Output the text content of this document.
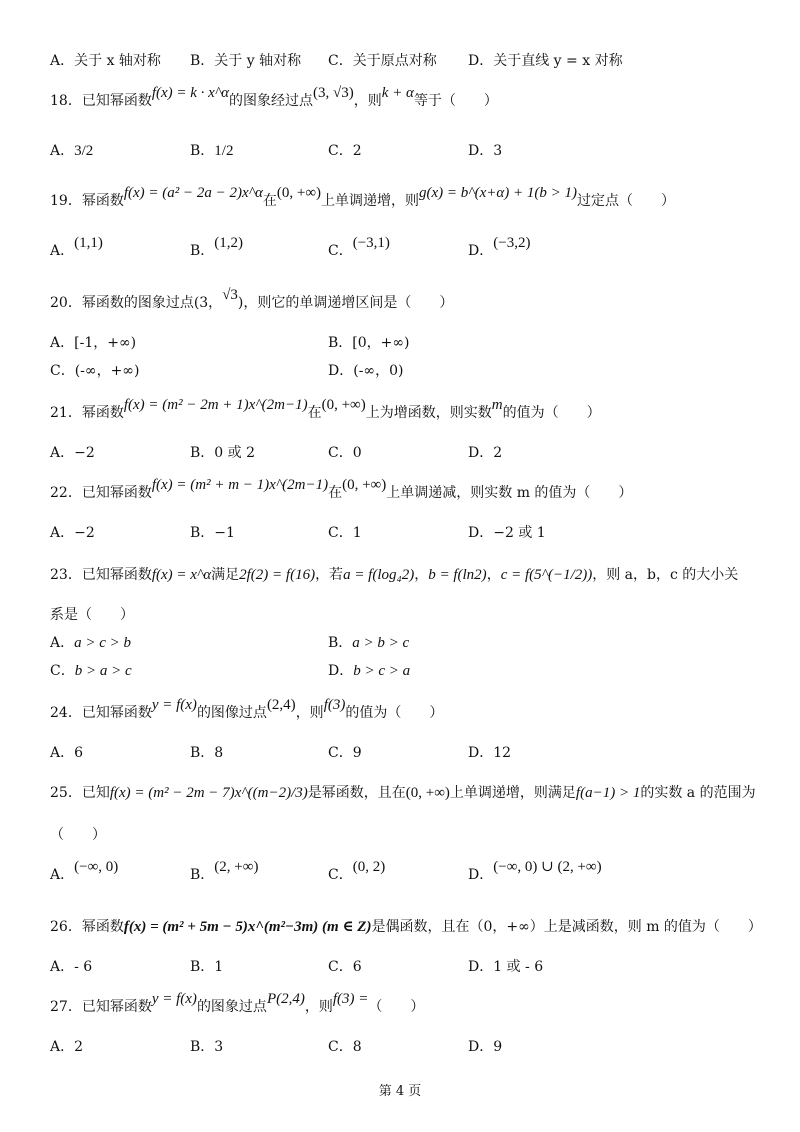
A．关于 x 轴对称 B．关于 y 轴对称 C．关于原点对称 D．关于直线 y = x 对称
18．已知幂函数f(x) = k · x^α的图象经过点(3, √3)，则k + α等于（　　）
A．3/2	B．1/2	C．2	D．3
19．幂函数f(x) = (a² − 2a − 2)x^α在(0, +∞)上单调递增，则g(x) = b^(x+α) + 1(b > 1)过定点（　　）
A．(1,1)	B．(1,2)	C．(−3,1)	D．(−3,2)
20．幂函数的图象过点(3，√3)，则它的单调递增区间是（　　）
A．[-1，+∞)	B．[0，+∞)
C．(-∞，+∞)	D．(-∞，0)
21．幂函数f(x) = (m² − 2m + 1)x^(2m−1)在(0, +∞)上为增函数，则实数m的值为（　　）
A．−2	B．0 或 2	C．0	D．2
22．已知幂函数f(x) = (m² + m − 1)x^(2m−1)在(0, +∞)上单调递减，则实数 m 的值为（　　）
A．−2	B．−1	C．1	D．−2 或 1
23．已知幂函数f(x) = x^α满足2f(2) = f(16)，若a = f(log₄2)，b = f(ln2)，c = f(5^(−1/2))，则 a，b，c 的大小关
系是（　　）
A．a > c > b	B．a > b > c
C．b > a > c	D．b > c > a
24．已知幂函数y = f(x)的图像过点(2,4)，则f(3)的值为（　　）
A．6	B．8	C．9	D．12
25．已知f(x) = (m² − 2m − 7)x^((m−2)/3)是幂函数，且在(0, +∞)上单调递增，则满足f(a−1) > 1的实数 a 的范围为
（　　）
A．(−∞, 0)	B．(2, +∞)	C．(0, 2)	D．(−∞, 0) ∪ (2, +∞)
26．幂函数f(x) = (m² + 5m − 5)x^(m²−3m) (m ∈ Z)是偶函数，且在（0，+∞）上是减函数，则 m 的值为（　　）
A．- 6	B．1	C．6	D．1 或 - 6
27．已知幂函数y = f(x)的图象过点P(2,4)，则f(3) =（　　）
A．2	B．3	C．8	D．9
第 4 页
